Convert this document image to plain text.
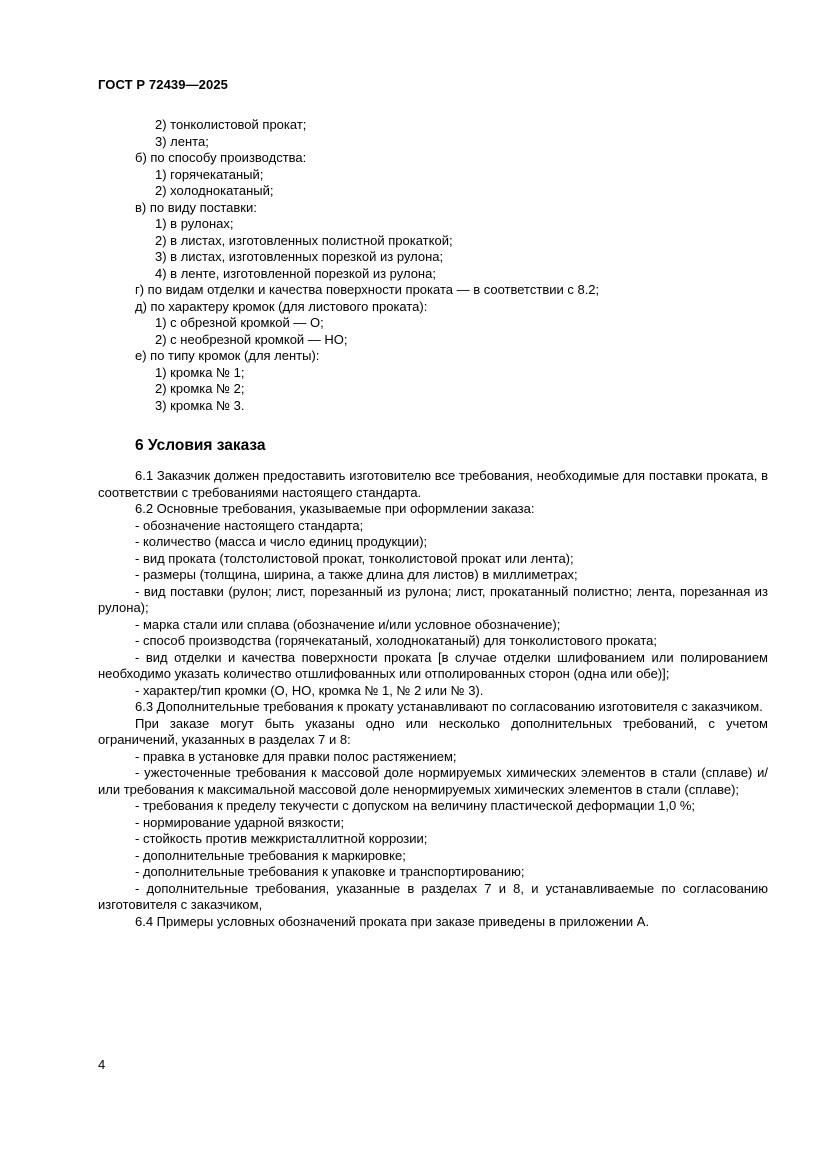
ГОСТ Р 72439—2025
2) тонколистовой прокат;
3) лента;
б) по способу производства:
1) горячекатаный;
2) холоднокатаный;
в) по виду поставки:
1) в рулонах;
2) в листах, изготовленных полистной прокаткой;
3) в листах, изготовленных порезкой из рулона;
4) в ленте, изготовленной порезкой из рулона;
г) по видам отделки и качества поверхности проката — в соответствии с 8.2;
д) по характеру кромок (для листового проката):
1) с обрезной кромкой — О;
2) с необрезной кромкой — НО;
е) по типу кромок (для ленты):
1) кромка № 1;
2) кромка № 2;
3) кромка № 3.
6 Условия заказа
6.1 Заказчик должен предоставить изготовителю все требования, необходимые для поставки проката, в соответствии с требованиями настоящего стандарта.
6.2 Основные требования, указываемые при оформлении заказа:
- обозначение настоящего стандарта;
- количество (масса и число единиц продукции);
- вид проката (толстолистовой прокат, тонколистовой прокат или лента);
- размеры (толщина, ширина, а также длина для листов) в миллиметрах;
- вид поставки (рулон; лист, порезанный из рулона; лист, прокатанный полистно; лента, порезанная из рулона);
- марка стали или сплава (обозначение и/или условное обозначение);
- способ производства (горячекатаный, холоднокатаный) для тонколистового проката;
- вид отделки и качества поверхности проката [в случае отделки шлифованием или полированием необходимо указать количество отшлифованных или отполированных сторон (одна или обе)];
- характер/тип кромки (О, НО, кромка № 1, № 2 или № 3).
6.3 Дополнительные требования к прокату устанавливают по согласованию изготовителя с заказчиком.
При заказе могут быть указаны одно или несколько дополнительных требований, с учетом ограничений, указанных в разделах 7 и 8:
- правка в установке для правки полос растяжением;
- ужесточенные требования к массовой доле нормируемых химических элементов в стали (сплаве) и/или требования к максимальной массовой доле ненормируемых химических элементов в стали (сплаве);
- требования к пределу текучести с допуском на величину пластической деформации 1,0 %;
- нормирование ударной вязкости;
- стойкость против межкристаллитной коррозии;
- дополнительные требования к маркировке;
- дополнительные требования к упаковке и транспортированию;
- дополнительные требования, указанные в разделах 7 и 8, и устанавливаемые по согласованию изготовителя с заказчиком,
6.4 Примеры условных обозначений проката при заказе приведены в приложении А.
4
